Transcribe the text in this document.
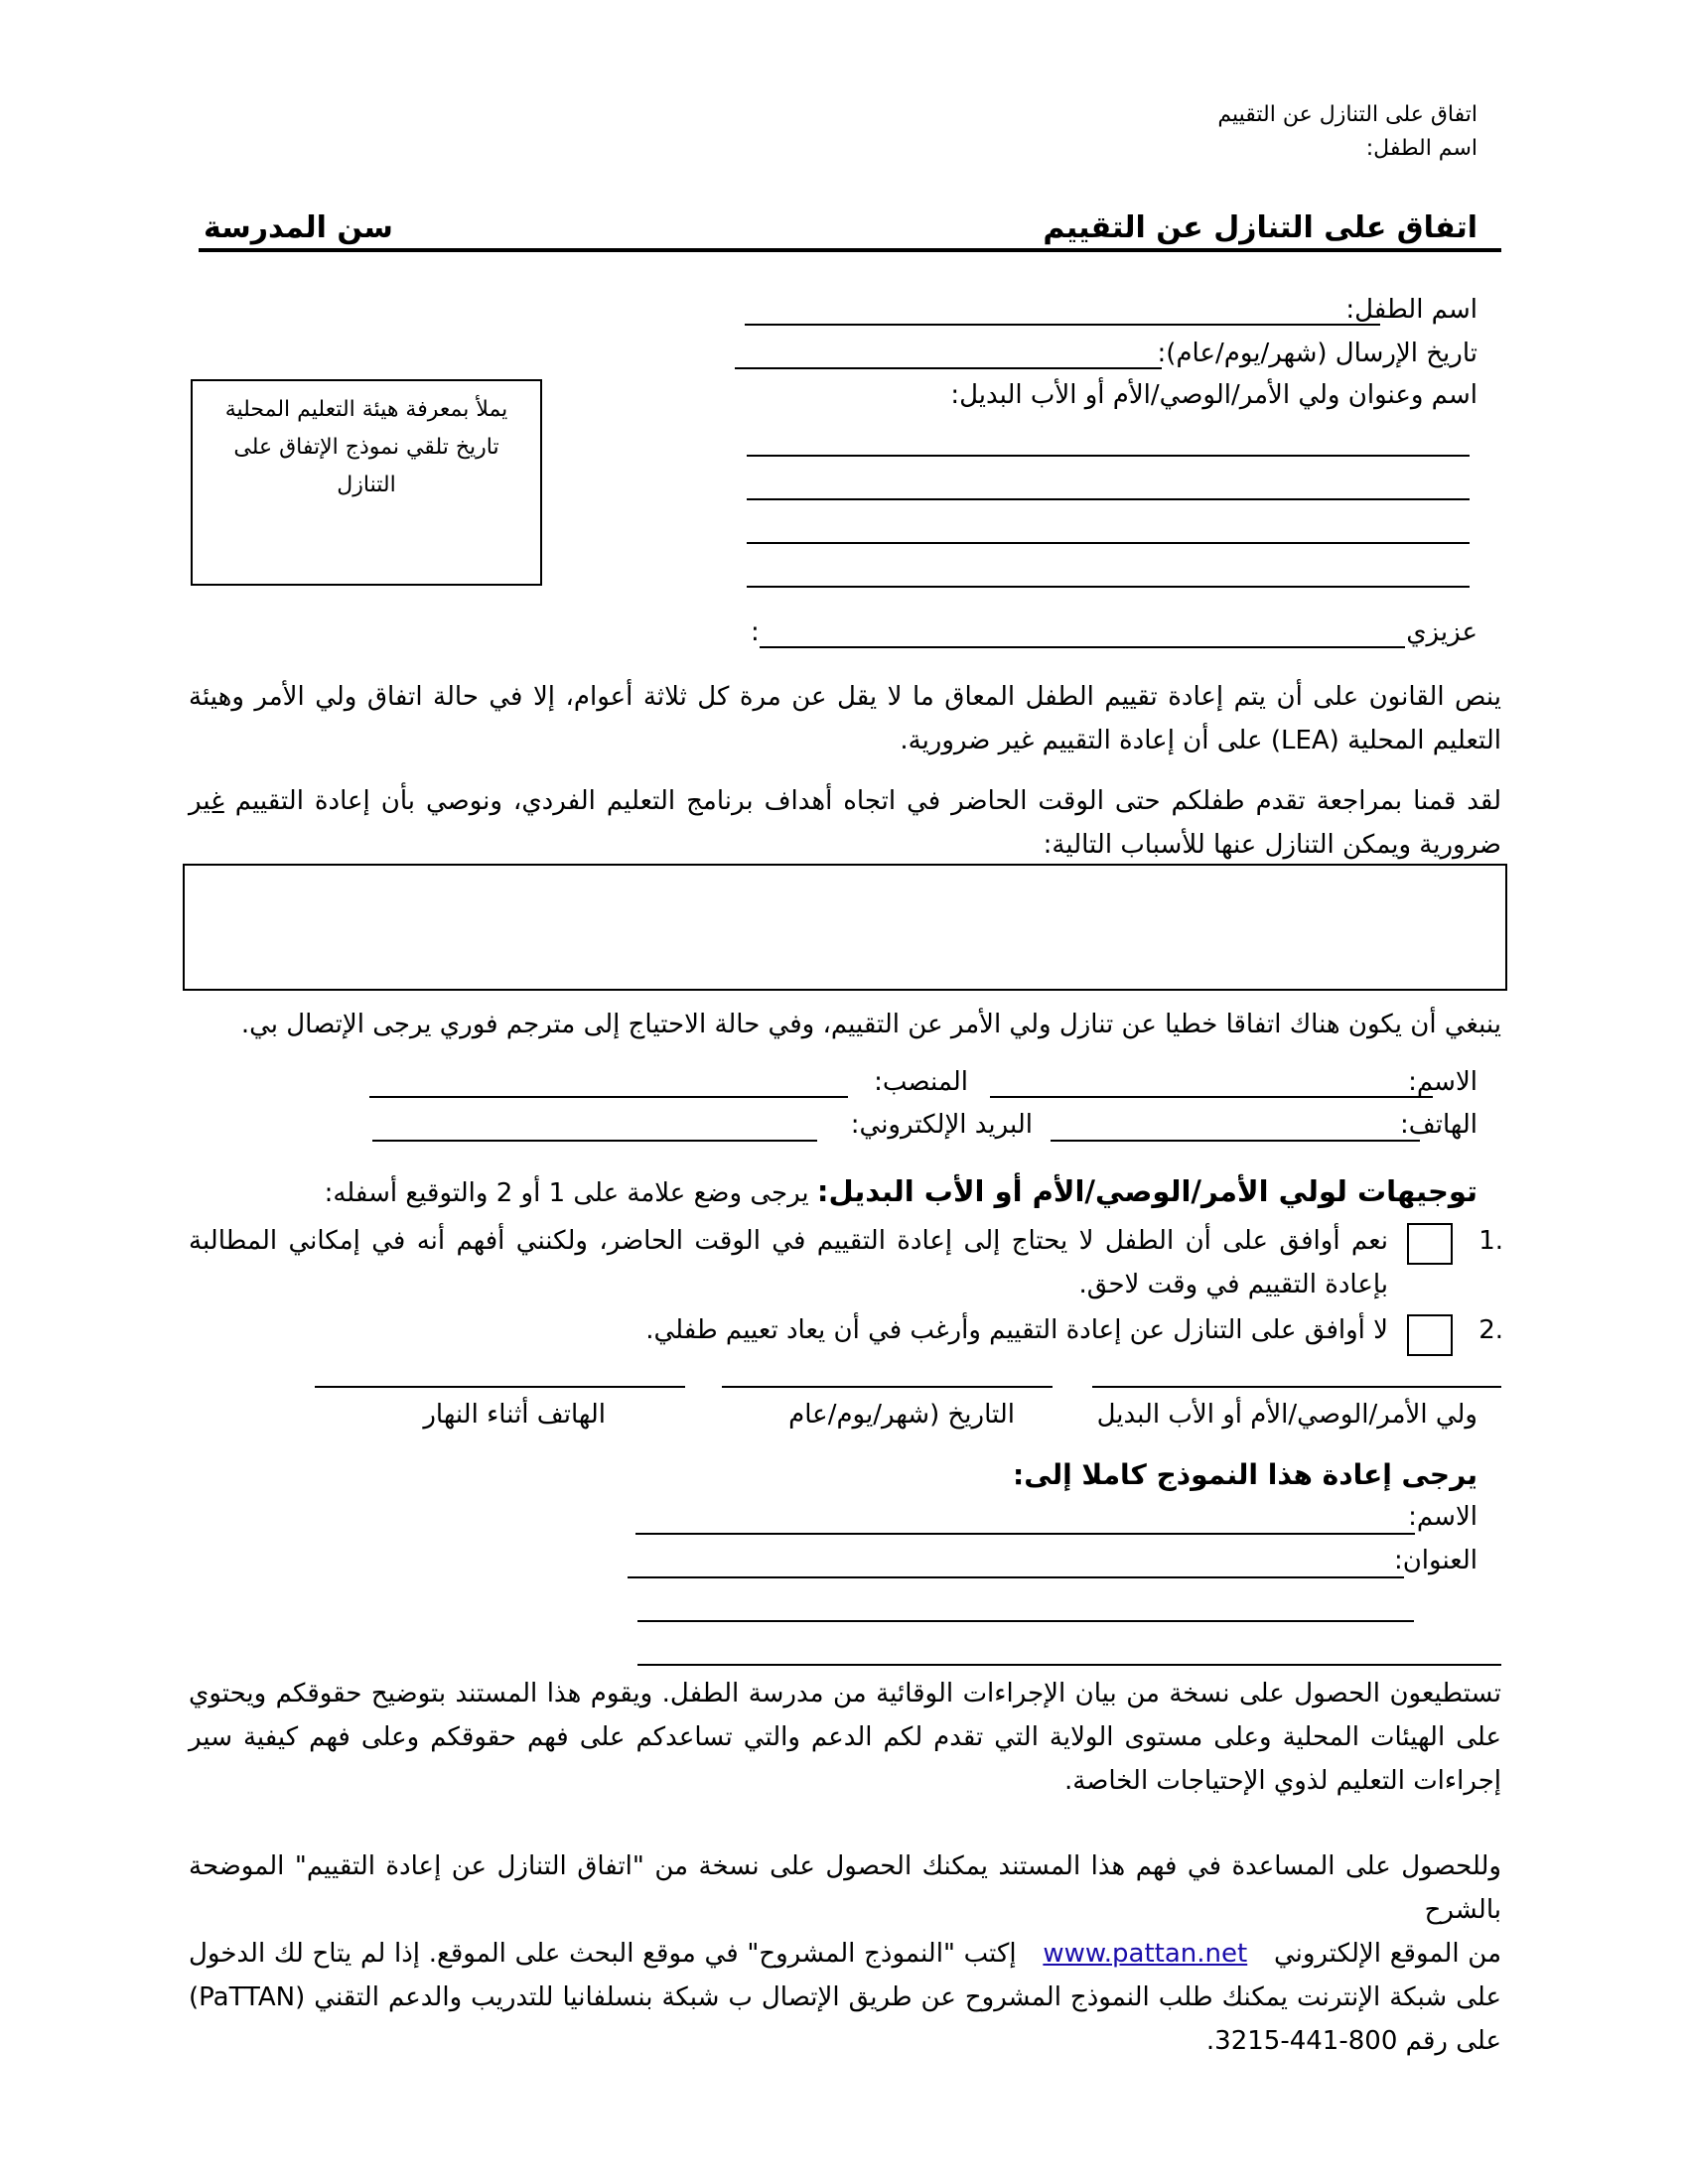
اتفاق على التنازل عن التقييم
اسم الطفل:
اتفاق على التنازل عن التقييم
سن المدرسة
اسم الطفل:
تاريخ الإرسال (شهر/يوم/عام):
اسم وعنوان ولي الأمر/الوصي/الأم أو الأب البديل:
يملأ بمعرفة هيئة التعليم المحلية
تاريخ تلقي نموذج الإتفاق على
التنازل
عزيزي
:
ينص القانون على أن يتم إعادة تقييم الطفل المعاق ما لا يقل عن مرة كل ثلاثة أعوام، إلا في حالة اتفاق ولي الأمر وهيئة التعليم المحلية (LEA) على أن إعادة التقييم غير ضرورية.
لقد قمنا بمراجعة تقدم طفلكم حتى الوقت الحاضر في اتجاه أهداف برنامج التعليم الفردي، ونوصي بأن إعادة التقييم غير ضرورية ويمكن التنازل عنها للأسباب التالية:
ينبغي أن يكون هناك اتفاقا خطيا عن تنازل ولي الأمر عن التقييم، وفي حالة الاحتياج إلى مترجم فوري يرجى الإتصال بي.
الاسم:
المنصب:
الهاتف:
البريد الإلكتروني:
توجيهات لولي الأمر/الوصي/الأم أو الأب البديل: يرجى وضع علامة على 1 أو 2 والتوقيع أسفله:
1.
نعم أوافق على أن الطفل لا يحتاج إلى إعادة التقييم في الوقت الحاضر، ولكنني أفهم أنه في إمكاني المطالبة بإعادة التقييم في وقت لاحق.
2.
لا أوافق على التنازل عن إعادة التقييم وأرغب في أن يعاد تعييم طفلي.
ولي الأمر/الوصي/الأم أو الأب البديل
التاريخ (شهر/يوم/عام
الهاتف أثناء النهار
يرجى إعادة هذا النموذج كاملا إلى:
الاسم:
العنوان:
تستطيعون الحصول على نسخة من بيان الإجراءات الوقائية من مدرسة الطفل. ويقوم هذا المستند بتوضيح حقوقكم ويحتوي على الهيئات المحلية وعلى مستوى الولاية التي تقدم لكم الدعم والتي تساعدكم على فهم حقوقكم وعلى فهم كيفية سير إجراءات التعليم لذوي الإحتياجات الخاصة.
وللحصول على المساعدة في فهم هذا المستند يمكنك الحصول على نسخة من "اتفاق التنازل عن إعادة التقييم" الموضحة بالشرح
من الموقع الإلكتروني www.pattan.net إكتب "النموذج المشروح" في موقع البحث على الموقع. إذا لم يتاح لك الدخول
على شبكة الإنترنت يمكنك طلب النموذج المشروح عن طريق الإتصال ب شبكة بنسلفانيا للتدريب والدعم التقني (PaTTAN)
على رقم 800-441-3215.
